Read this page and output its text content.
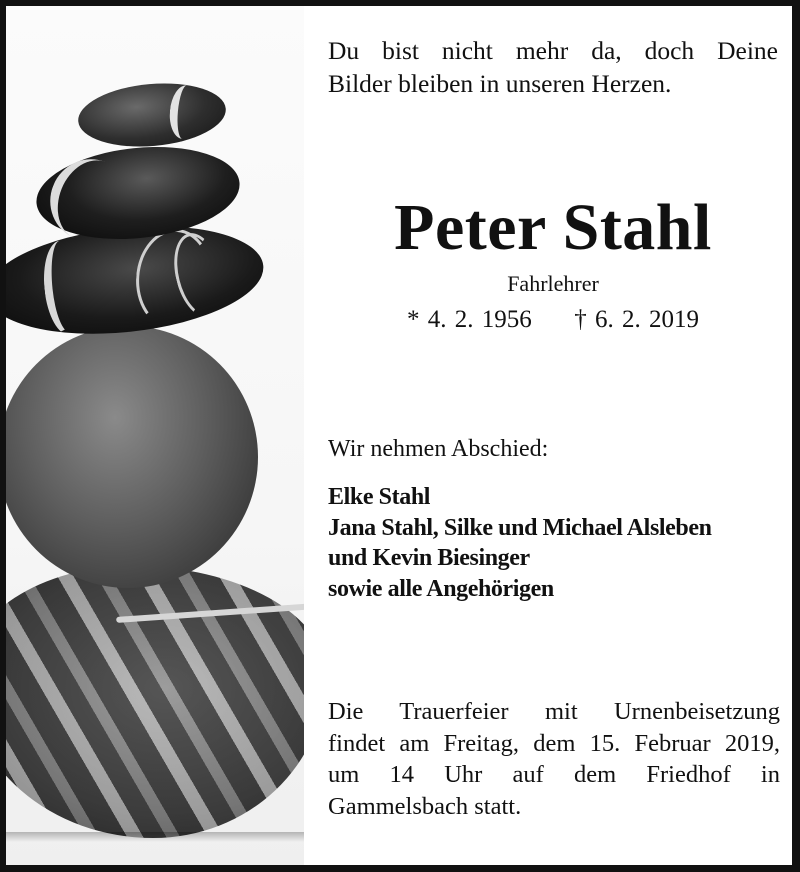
Du bist nicht mehr da, doch Deine
Bilder bleiben in unseren Herzen.
Peter Stahl
Fahrlehrer
* 4. 2. 1956 † 6. 2. 2019
Wir nehmen Abschied:
Elke Stahl
Jana Stahl, Silke und Michael Alsleben
und Kevin Biesinger
sowie alle Angehörigen
Die Trauerfeier mit Urnenbeisetzung
findet am Freitag, dem 15. Februar 2019,
um 14 Uhr auf dem Friedhof in
Gammelsbach statt.
